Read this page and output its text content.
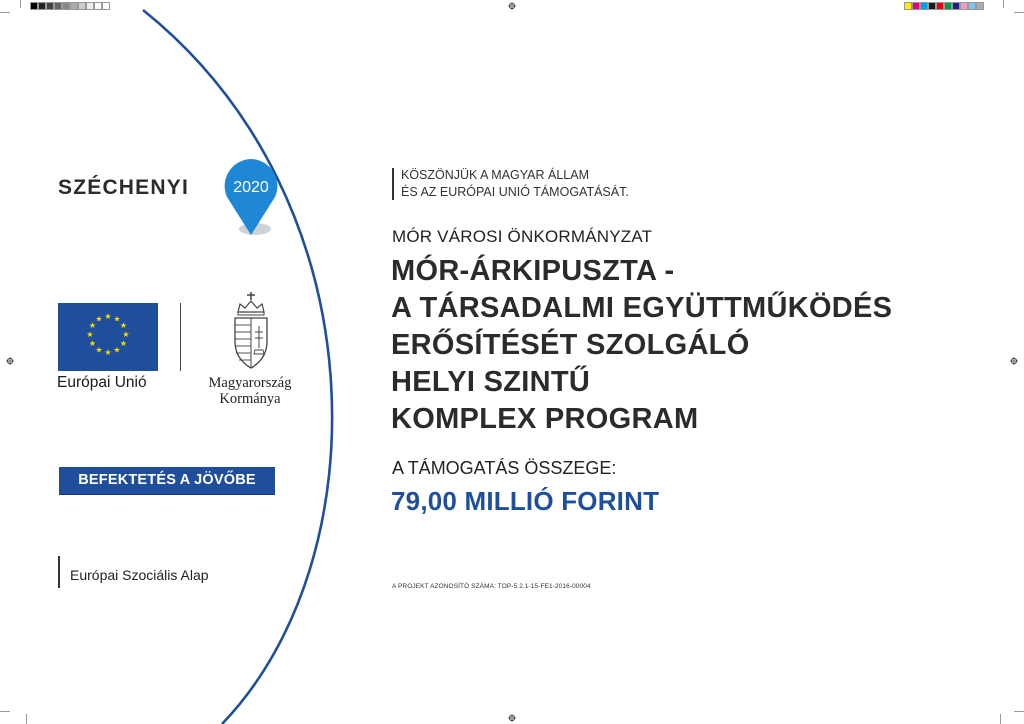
SZÉCHENYI	2020
★ ★
★
★
★
★
★
★
★
★
★
★
Európai Unió	Magyarország
Kormánya
BEFEKTETÉS A JÖVŐBE
Európai Szociális Alap
KÖSZÖNJÜK A MAGYAR ÁLLAM
ÉS AZ EURÓPAI UNIÓ TÁMOGATÁSÁT.
MÓR VÁROSI ÖNKORMÁNYZAT
MÓR-ÁRKIPUSZTA -
A TÁRSADALMI EGYÜTTMŰKÖDÉS
ERŐSÍTÉSÉT SZOLGÁLÓ
HELYI SZINTŰ
KOMPLEX PROGRAM
A TÁMOGATÁS ÖSSZEGE:
79,00 MILLIÓ FORINT
A PROJEKT AZONOSÍTÓ SZÁMA: TOP-5.2.1-15-FE1-2016-00004
